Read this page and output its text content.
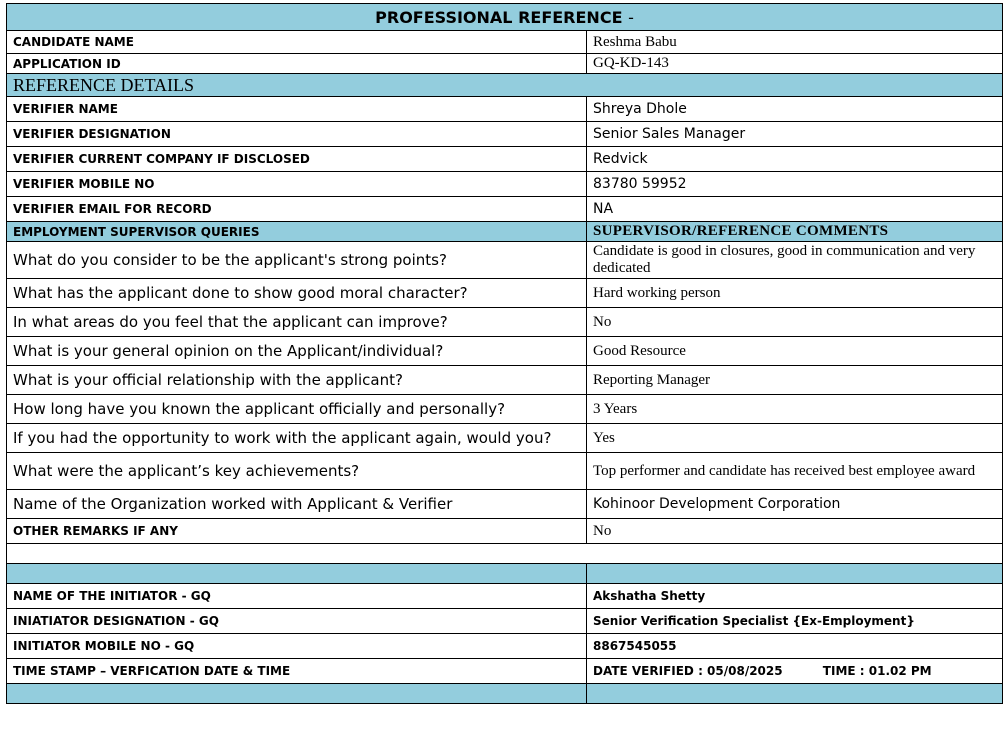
PROFESSIONAL REFERENCE -	
CANDIDATE NAME	Reshma Babu
APPLICATION ID	GQ-KD-143
REFERENCE DETAILS	
VERIFIER NAME	Shreya Dhole
VERIFIER DESIGNATION	Senior Sales Manager
VERIFIER CURRENT COMPANY IF DISCLOSED	Redvick
VERIFIER MOBILE NO	83780 59952
VERIFIER EMAIL FOR RECORD	NA
EMPLOYMENT SUPERVISOR QUERIES	SUPERVISOR/REFERENCE COMMENTS
What do you consider to be the applicant's strong points?	Candidate is good in closures, good in communication and very dedicated
What has the applicant done to show good moral character?	Hard working person
In what areas do you feel that the applicant can improve?	No
What is your general opinion on the Applicant/individual?	Good Resource
What is your official relationship with the applicant?	Reporting Manager
How long have you known the applicant officially and personally?	3 Years
If you had the opportunity to work with the applicant again, would you?	Yes
What were the applicant’s key achievements?	Top performer and candidate has received best employee award
Name of the Organization worked with Applicant & Verifier	Kohinoor Development Corporation
OTHER REMARKS IF ANY	No

NAME OF THE INITIATOR - GQ	Akshatha Shetty
INIATIATOR DESIGNATION - GQ	Senior Verification Specialist {Ex-Employment}
INITIATOR MOBILE NO - GQ	8867545055
TIME STAMP – VERFICATION DATE & TIME	DATE VERIFIED : 05/08/2025 TIME : 01.02 PM
